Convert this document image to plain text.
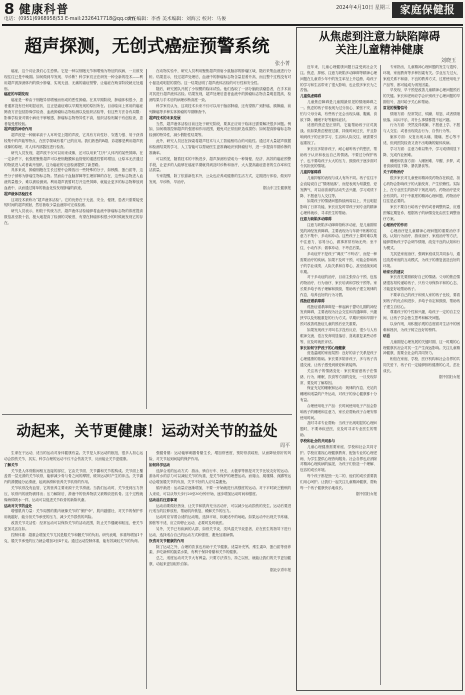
8 健康科普
电话：(0951)6968958/53 E-mail:2326417718@qq.com
责任编辑：李香 美术编辑：刘海云 校对：马俊
2024年4月10日 星期三 家庭保健报
超声探测，无创式癌症预警系统
张小菁

癌症，这个词让我们心生恐惧。它是一种以细胞无节制增殖为特征的疾病，一旦被发现往往已是中晚期。如何做到早发现、早诊断？科学家们正在研发一种全新的技术——利用超声波探测体内的微小肿瘤，实现无创、无痛的癌症预警，让癌症在萌芽阶段就无处遁形。

癌症的早期发现

癌症是一种由于细胞异常增殖而形成的恶性肿瘤。在其早期阶段，肿瘤体积很小，患者通常没有任何明显症状，这正是癌症难以早期发现的原因所在。目前临床上常用的癌症筛查方法包括影像学检查、血液肿瘤标志物检测以及组织活检等，但这些方法各有局限：影像学检查对微小病灶不够敏感，肿瘤标志物特异性不高，组织活检则属于有创检查，患者接受度较低。

超声波的神奇作用

超声波是一种频率高于人耳听觉上限的声波，它具有方向性好、穿透力强、易于获得较集中的声能等特点，在医学领域有着广泛的应用。我们熟悉的B超、彩超都是利用超声波成像的原理，对人体内部器官进行检查。

研究人员发现，超声波不仅可以用来成像，还可以用来“打开”人体内的某些屏障。在一定条件下，低强度聚焦超声可以使细胞膜和血管壁的通透性暂时增加，让原本无法通过的物质进入或者离开组织。这为癌症的无创检测提供了新思路。

具体来说，肿瘤细胞在生长过程中会释放出一些特殊的分子，如核酸、蛋白质等，这些分子被称为肿瘤生物标志物。然而由于血脑屏障等生理屏障的存在，这些标志物进入血液的量极少，难以被检测到。利用超声波暂时打开这些屏障，就能让更多的标志物释放到血液中，从而通过简单的抽血化验发现肿瘤的踪迹。

超声液体活检技术

这项技术被称为“超声液体活检”。它的优势在于无创、安全、便捷，患者只需要接受短时间的超声照射，然后抽取少量血液即可完成检测。

研究人员表示，相较于传统方法，超声液体活检能够将血液中肿瘤标志物的浓度提高数倍甚至数十倍，极大地提高了检测的灵敏度，有望在肿瘤体积很小的时候就发现它的存在。

在动物实验中，研究人员利用聚焦超声照射小鼠脑部的肿瘤区域，随后采集血液进行分析。结果显示，经过超声处理后，血液中的肿瘤标志物含量显著升高，而且整个过程没有对小鼠造成明显的损伤。这一结果证明了超声液体活检的可行性和安全性。

随后，研究团队开展了小规模的临床试验。他们选取了一部分脑胶质瘤患者，在手术前对其进行超声液体活检。结果发现，超声处理后患者血液中的肿瘤标志物含量明显提高，检测结果与手术后的病理诊断高度一致。

科学家们认为，这项技术未来不仅可以用于脑部肿瘤，还有望推广到肝癌、胰腺癌、前列腺癌等多种实体肿瘤的早期筛查中。

超声技术的未来发展

当然，超声液体活检目前还处于研究阶段，要真正应用于临床还需要解决很多问题。例如，如何精准控制超声的强度和作用范围，避免对正常组织造成损伤；如何提高肿瘤标志物检测的特异性，减少假阳性结果等。

此外，研究人员还在探索将超声技术与人工智能相结合的可能性。通过对大量超声数据和检测结果的学习，人工智能可以帮助医生更准确地识别肿瘤信号，进一步提高早期诊断的准确率。

可以预见，随着技术的不断进步，超声探测有望成为一种简便、经济、高效的癌症预警手段，让更多的人能够在癌症早期就得到及时诊断和治疗，大大提高癌症患者的生存率和生活质量。

专家提醒，除了依靠新技术外，公众也应养成健康的生活方式，定期进行体检，做到早发现、早诊断、早治疗。

据山东卫生健康报

动起来，关节更健康！运动对关节的益处
周平

生命在于运动，适当的运动对身体健康有益。关节是人体运动的枢纽，很多人担心运动会损伤关节，其实，科学合理的运动不仅不会伤害关节，反而能让关节更健康。

了解关节

关节是人体骨骼间相互连接的部位，它由关节面、关节囊和关节腔构成。关节面上覆盖着一层光滑的关节软骨，能够减少骨与骨之间的摩擦，缓冲运动时产生的冲击。关节囊内的滑膜能分泌滑液，起到润滑和营养关节软骨的作用。

关节软骨没有血管，它的营养主要来源于关节滑液。当我们运动时，关节受到压力挤压，软骨内的废物被排出；压力解除后，滑液中的营养物质又被吸收进软骨。这个过程就像海绵吸水一样，运动可以促进关节软骨的新陈代谢。

运动对关节的益处

增强肌肉力量：关节周围的肌肉就像关节的“保护伞”，肌肉越强壮，对关节的保护作用就越好，能分担关节承受的压力，减少关节损伤的风险。

改善关节灵活性：经常运动可以保持关节的活动范围，防止关节僵硬和粘连，使关节更加灵活自如。

控制体重：超重会增加关节尤其是膝关节和髋关节的负担。研究表明，体重每增加1千克，膝关节承受的压力就会增加3至4千克。通过运动控制体重，能有效减轻关节的负荷。

强健骨骼：运动能够刺激骨骼生长，增加骨密度，预防骨质疏松，从而降低骨折的风险，对关节起到间接的保护作用。

如何科学运动

选择合适的运动方式：游泳、骑自行车、快走、太极拳等都是对关节比较友好的运动。游泳时水的浮力可以减轻关节的负重，是关节保护的理想运动。而爬山、爬楼梯、深蹲等运动会增加膝关节的负担，关节不好的人应尽量避免。

循序渐进：运动量应逐渐增加，不要一开始就进行高强度的运动。对于平时缺乏锻炼的人来说，可以从每天步行20至30分钟开始，逐步增加运动时间和强度。

运动前后注意事项

运动前要做好热身，让关节和肌肉充分活动开，可以减少运动损伤的发生。运动后要进行适当的拉伸放松，帮助肌肉恢复，缓解关节的压力。

运动时应穿着合适的运动鞋，选择平坦、软硬适中的场地。如果运动中出现关节疼痛、肿胀等不适，应立即停止运动，必要时及时就医。

另外，关节已有疾病的人群，如骨关节炎、类风湿关节炎患者，应在医生的指导下进行运动，选择适合自己的运动方式和强度，避免加重病情。

饮食对关节健康的作用

除了运动之外，合理的饮食也有助于关节健康。适量补充钙、维生素D、蛋白质等营养素，多吃新鲜的蔬菜水果，有利于保持骨骼和关节的健康。

总之，适度运动对关节大有裨益。只要方法得当，持之以恒，就能让我们的关节更加健康，动起来更加轻松自如。

据北京青年报

从焦虑到注意力缺陷障碍
关注儿童精神健康
刘晓玉

近年来，儿童心理健康问题日益受到社会关注。焦虑、抑郁、注意力缺陷多动障碍等精神心理问题在儿童青少年中的发生率呈上升趋势，给孩子的学习和生活带来了很大影响，也让很多家长为之苦恼。

儿童焦虑障碍

儿童焦虑障碍是儿童期最常见的情绪障碍之一。焦虑的孩子常表现为过分担心、紧张不安、害怕与父母分离，有些孩子还会出现头痛、腹痛、食欲下降、睡眠不好等躯体症状。

适度的焦虑是正常的，它能帮助孩子应对挑战。但如果焦虑程度过重、持续时间过长，并且影响到孩子的正常学习、生活和人际交往，就需要引起重视了。

家长应多陪伴孩子，耐心倾听孩子的想法，帮助孩子认识和表达自己的情绪。不要过分保护孩子，也不要给孩子太大的压力，鼓励孩子逐步面对令其担忧的情境。

儿童抑郁障碍

儿童抑郁的表现与成人有所不同。孩子往往不会直接说自己“情绪低落”，而是表现为易激惹、爱发脾气、对以前喜欢的活动失去兴趣、学习成绩下降、不愿意与人交往等。

如果孩子的情绪问题持续两周以上，并且明显影响了日常功能，家长应及时带孩子到专业的精神心理科就诊，寻求医生的帮助。

注意力缺陷多动障碍

注意力缺陷多动障碍俗称多动症，是儿童期常见的神经发育障碍。主要表现为与年龄不相称的注意力不集中、多动和冲动。这些孩子上课时难以集中注意力，容易分心，做事常常有始无终；坐不住，小动作多；做事冲动，不考虑后果。

多动症并不是孩子“调皮”“不听话”，而是一种需要治疗的疾病。如果不及时干预，可能会影响孩子的学业成绩、人际关系和自尊心，甚至延续到成年期。

对于多动症的治疗，目前主张综合干预，包括药物治疗、行为治疗、家长培训和学校干预等。家长要多给予孩子理解和鼓励，帮助孩子建立规律的作息，培养良好的行为习惯。

孤独症谱系障碍

孤独症谱系障碍是一种起病于婴幼儿期的神经发育障碍，主要表现为社会交往和沟通障碍、兴趣狭窄以及刻板重复的行为方式。早期识别和早期干预对改善孤独症儿童的预后至关重要。

如果发现孩子对叫名字没有反应、很少与人有眼神交流、语言发育明显落后、喜欢重复某些动作等，应及时就医评估。

家长如何守护孩子的心理健康

营造温暖的家庭氛围：良好的亲子关系是孩子心理健康的基础。家长要多陪伴孩子，多与孩子沟通交流，让孩子感受到被爱和被接纳。

关注孩子的情绪变化：家长要留意孩子在情绪、行为、睡眠、饮食等方面的变化，一旦发现异常，要及时了解原因。

保证充足的睡眠和运动：规律的作息、充足的睡眠和适量的户外运动，对孩子的身心健康都十分有益。

合理使用电子产品：长时间使用电子产品会影响孩子的睡眠和注意力，家长应帮助孩子合理安排使用时间。

及时寻求专业帮助：当孩子出现明显的心理问题时，不要讳疾忌医，应及时寻求专业医生的帮助。

学校和社会的共同参与

儿童心理健康需要家庭、学校和社会共同守护。学校应重视心理健康教育，配备专业的心理老师，为学生提供心理咨询服务。社会各界也应消除对精神心理疾病的偏见，为孩子们营造一个理解、包容的成长环境。

每个孩子都是独一无二的，他们的成长需要我们用心呵护。让我们一起关注儿童精神健康，帮助每一个孩子健康快乐地成长。

据中国妇女报

专家指出，儿童精神心理问题的发生与遗传、环境、家庭教育等多种因素有关。学业压力过大、家庭关系不和谐、不良的教养方式、过度使用电子产品等，都可能成为诱发因素。

早发现、早干预是改善儿童精神心理问题预后的关键。家长和老师应学会识别孩子心理问题的早期信号，及时给予关心和帮助。

常见的预警信号

情绪方面：经常哭泣、烦躁、易怒，或者情绪低落、闷闷不乐，对什么事情都提不起兴趣。

行为方面：突然变得孤僻，不愿意上学，不愿与人交往；或者出现攻击行为、自伤行为等。

躯体方面：反复出现头痛、腹痛、恶心等不适，但到医院检查又查不出明确的躯体疾病。

学习方面：注意力难以集中，学习成绩明显下降，完成作业困难。

睡眠和饮食方面：入睡困难、早醒、多梦，或者食欲明显下降、暴饮暴食等。

关于药物治疗

很多家长对儿童使用精神类药物存在顾虑，担心药物会影响孩子的大脑发育，产生依赖性。实际上，在专业医生的指导下规范用药，药物治疗是安全有效的。对于中重度的精神心理问题，药物治疗往往是必要的。

家长不要自行给孩子停药或者调整药量，应遵医嘱定期复诊，根据孩子的病情变化由医生调整治疗方案。

心理治疗的作用

心理治疗是儿童精神心理问题的重要治疗手段。认知行为治疗、游戏治疗、家庭治疗等方法，能够帮助孩子学会调节情绪，改变不良的认知和行为模式。

尤其是家庭治疗，强调家庭成员共同参与，通过改善家庭的互动模式，为孩子的康复创造良好的环境。

给家长的建议

家长首先要照顾好自己的情绪。父母的焦虑情绪很容易传递给孩子，只有父母保持平和的心态，才能更好地帮助孩子。

不要拿自己的孩子和别人家的孩子比较，要看到孩子的优点和进步，多给予肯定和鼓励，帮助孩子建立自信心。

尊重孩子的个性和兴趣，给孩子一定的自主空间，让孩子学会独立思考和解决问题。

以身作则，用积极乐观的态度面对生活中的困难和挫折，为孩子树立良好的榜样。

结语

儿童期是心理发展的关键时期，这一时期的心理健康状况会对其一生产生深远影响。关注儿童精神健康，需要全社会的共同努力。

相信在家庭、学校、医疗机构和社会各界的共同关爱下，孩子们一定能够拥有健康的心灵，茁壮成长。

据中国妇女报
